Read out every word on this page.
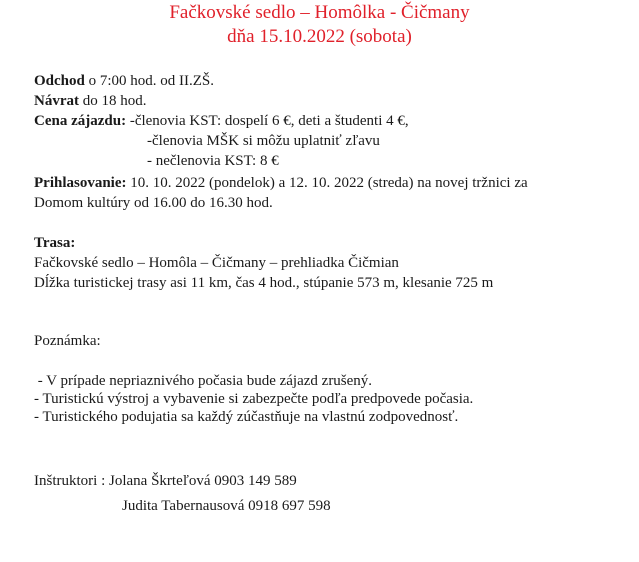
Fačkovské sedlo – Homôlka - Čičmany
dňa 15.10.2022 (sobota)
Odchod o 7:00 hod. od II.ZŠ.
Návrat do 18 hod.
Cena zájazdu: -členovia KST: dospelí 6 €, deti a študenti 4 €,
-členovia MŠK si môžu uplatniť zľavu
- nečlenovia KST: 8 €
Prihlasovanie: 10. 10. 2022 (pondelok) a 12. 10. 2022 (streda) na novej tržnici za
Domom kultúry od 16.00 do 16.30 hod.
Trasa:
Fačkovské sedlo – Homôla – Čičmany – prehliadka Čičmian
Dĺžka turistickej trasy asi 11 km, čas 4 hod., stúpanie 573 m, klesanie 725 m
Poznámka:
- V prípade nepriaznivého počasia bude zájazd zrušený.
- Turistickú výstroj a vybavenie si zabezpečte podľa predpovede počasia.
- Turistického podujatia sa každý zúčastňuje na vlastnú zodpovednosť.
Inštruktori : Jolana Škrteľová 0903 149 589
Judita Tabernausová 0918 697 598
